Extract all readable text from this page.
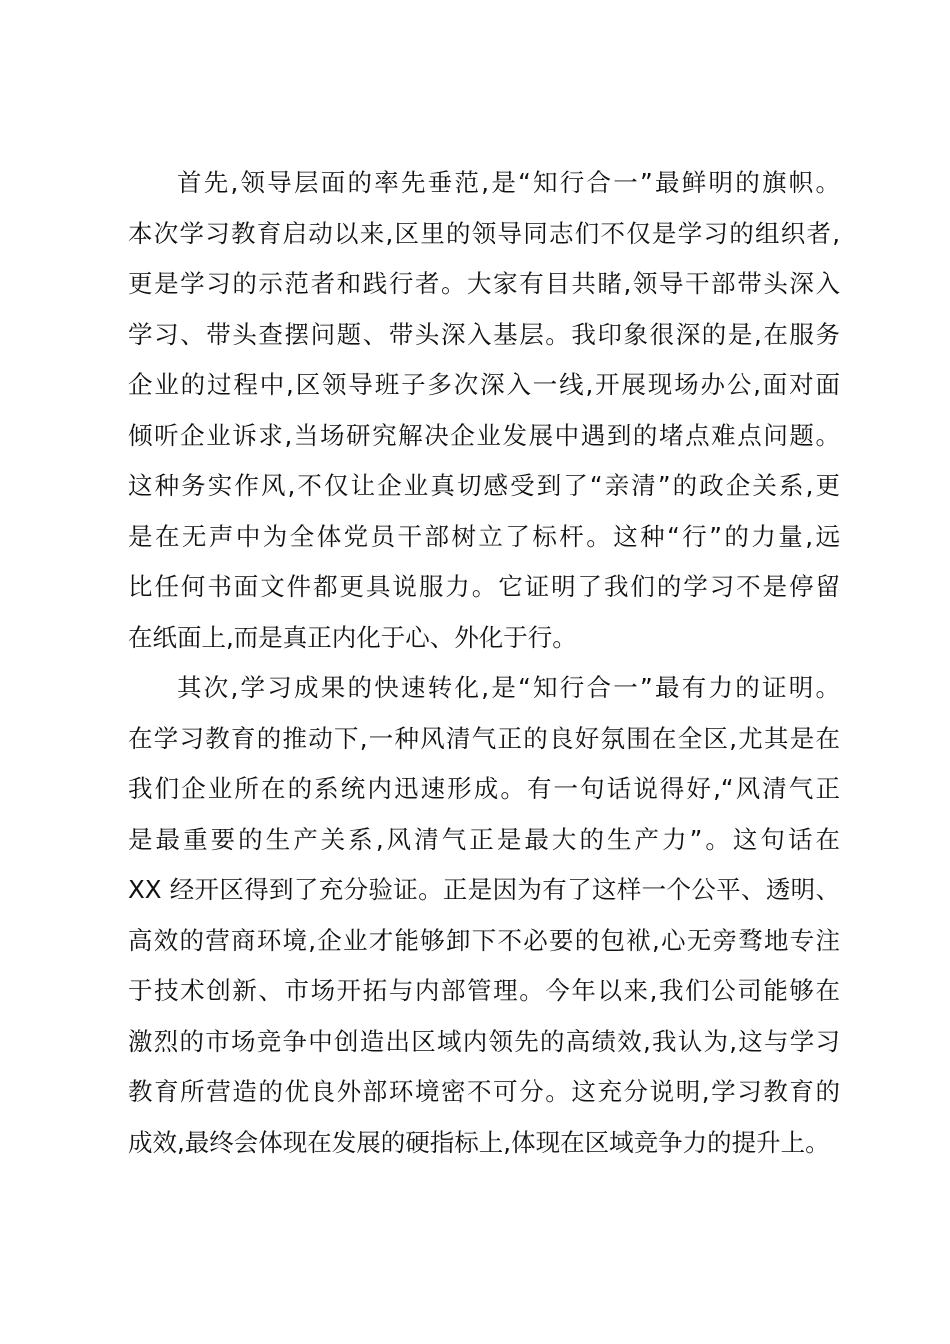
首先,领导层面的率先垂范,是“知行合一”最鲜明的旗帜。
本次学习教育启动以来,区里的领导同志们不仅是学习的组织者,
更是学习的示范者和践行者。大家有目共睹,领导干部带头深入
学习、带头查摆问题、带头深入基层。我印象很深的是,在服务
企业的过程中,区领导班子多次深入一线,开展现场办公,面对面
倾听企业诉求,当场研究解决企业发展中遇到的堵点难点问题。
这种务实作风,不仅让企业真切感受到了“亲清”的政企关系,更
是在无声中为全体党员干部树立了标杆。这种“行”的力量,远
比任何书面文件都更具说服力。它证明了我们的学习不是停留
在纸面上,而是真正内化于心、外化于行。
其次,学习成果的快速转化,是“知行合一”最有力的证明。
在学习教育的推动下,一种风清气正的良好氛围在全区,尤其是在
我们企业所在的系统内迅速形成。有一句话说得好,“风清气正
是最重要的生产关系,风清气正是最大的生产力”。这句话在
XX 经开区得到了充分验证。正是因为有了这样一个公平、透明、
高效的营商环境,企业才能够卸下不必要的包袱,心无旁骛地专注
于技术创新、市场开拓与内部管理。今年以来,我们公司能够在
激烈的市场竞争中创造出区域内领先的高绩效,我认为,这与学习
教育所营造的优良外部环境密不可分。这充分说明,学习教育的
成效,最终会体现在发展的硬指标上,体现在区域竞争力的提升上。
